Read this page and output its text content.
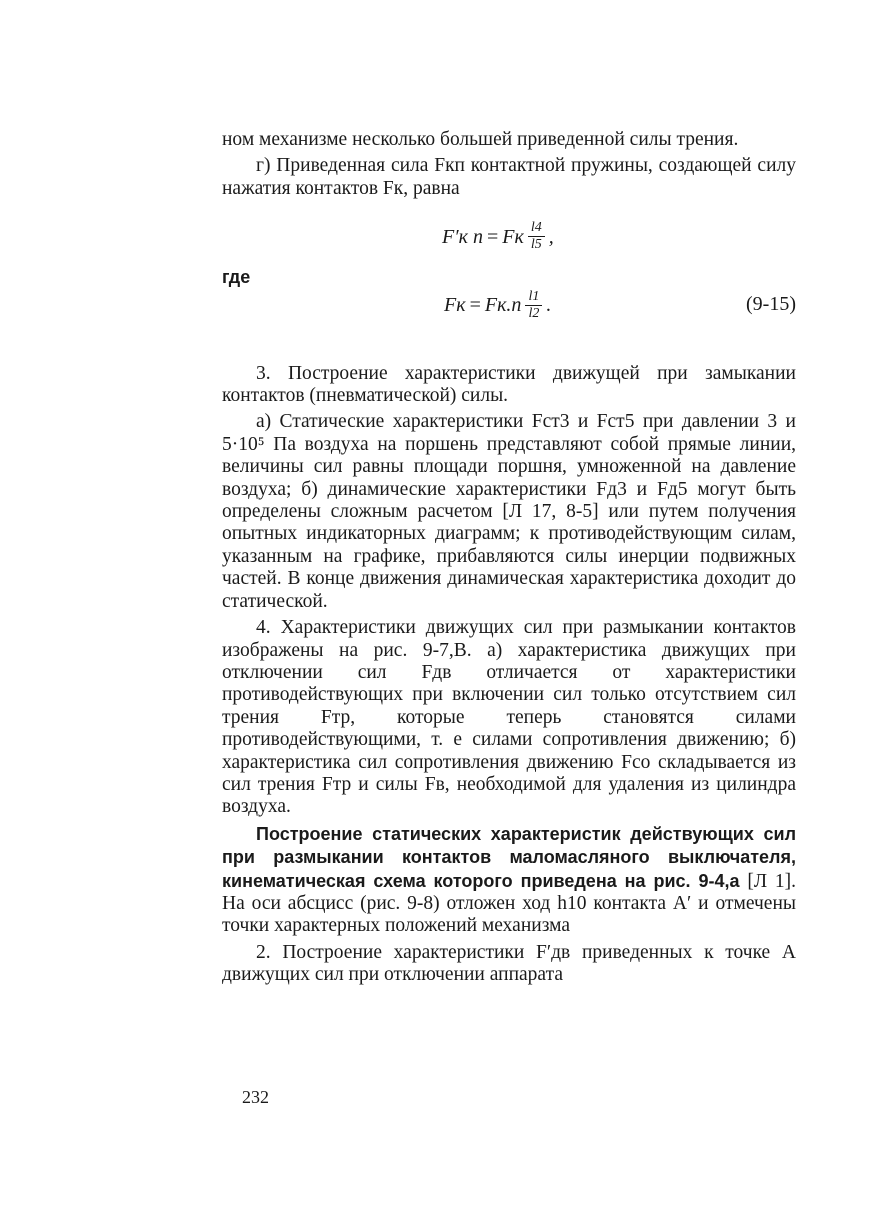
ном механизме несколько большей приведенной силы трения.

г) Приведенная сила Fкп контактной пружины, создающей силу нажатия контактов Fк, равна

F′к п = Fк $\frac{l4}{l5}$ ,

где

Fк = $Fк.п \frac{l1}{l2}$ .	(9-15)

3. Построение характеристики движущей при замыкании контактов (пневматической) силы.

а) Статические характеристики Fст3 и Fст5 при давлении 3 и 5·10⁵ Па воздуха на поршень представляют собой прямые линии, величины сил равны площади поршня, умноженной на давление воздуха; б) динамические характеристики Fд3 и Fд5 могут быть определены сложным расчетом [Л 17, 8-5] или путем получения опытных индикаторных диаграмм; к противодействующим силам, указанным на графике, прибавляются силы инерции подвижных частей. В конце движения динамическая характеристика доходит до статической.

4. Характеристики движущих сил при размыкании контактов изображены на рис. 9-7,В. а) характеристика движущих при отключении сил Fдв отличается от характеристики противодействующих при включении сил только отсутствием сил трения Fтр, которые теперь становятся силами противодействующими, т. е силами сопротивления движению; б) характеристика сил сопротивления движению Fсо складывается из сил трения Fтр и силы Fв, необходимой для удаления из цилиндра воздуха.

Построение статических характеристик действующих сил при размыкании контактов маломасляного выключателя, кинематическая схема которого приведена на рис. 9-4,а [Л 1]. На оси абсцисс (рис. 9-8) отложен ход h10 контакта A′ и отмечены точки характерных положений механизма

2. Построение характеристики F′дв приведенных к точке A движущих сил при отключении аппарата

232
